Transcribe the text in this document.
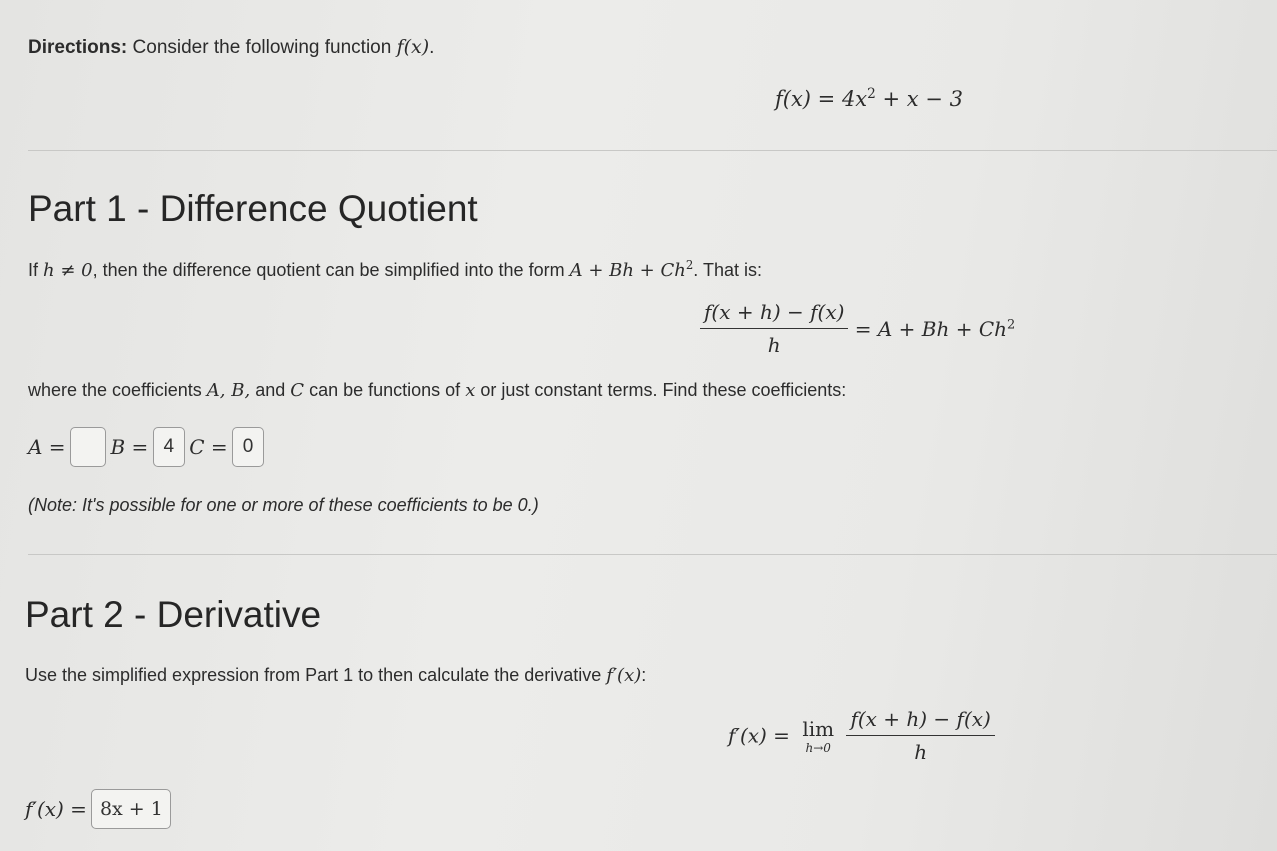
Directions: Consider the following function f(x).
$f(x) = 4x^2 + x - 3$
Part 1 - Difference Quotient
If h ≠ 0, then the difference quotient can be simplified into the form $A + Bh + Ch^2$. That is:
$\frac{f(x + h) - f(x)}{h} = A + Bh + Ch^2$
where the coefficients A, B, and C can be functions of x or just constant terms. Find these coefficients:
A = B = 4 C = 0
(Note: It's possible for one or more of these coefficients to be 0.)
Part 2 - Derivative
Use the simplified expression from Part 1 to then calculate the derivative f′(x):
f′(x) = lim
h→0
$\frac{f(x + h) - f(x)}{h}$
f′(x) = 8x + 1
